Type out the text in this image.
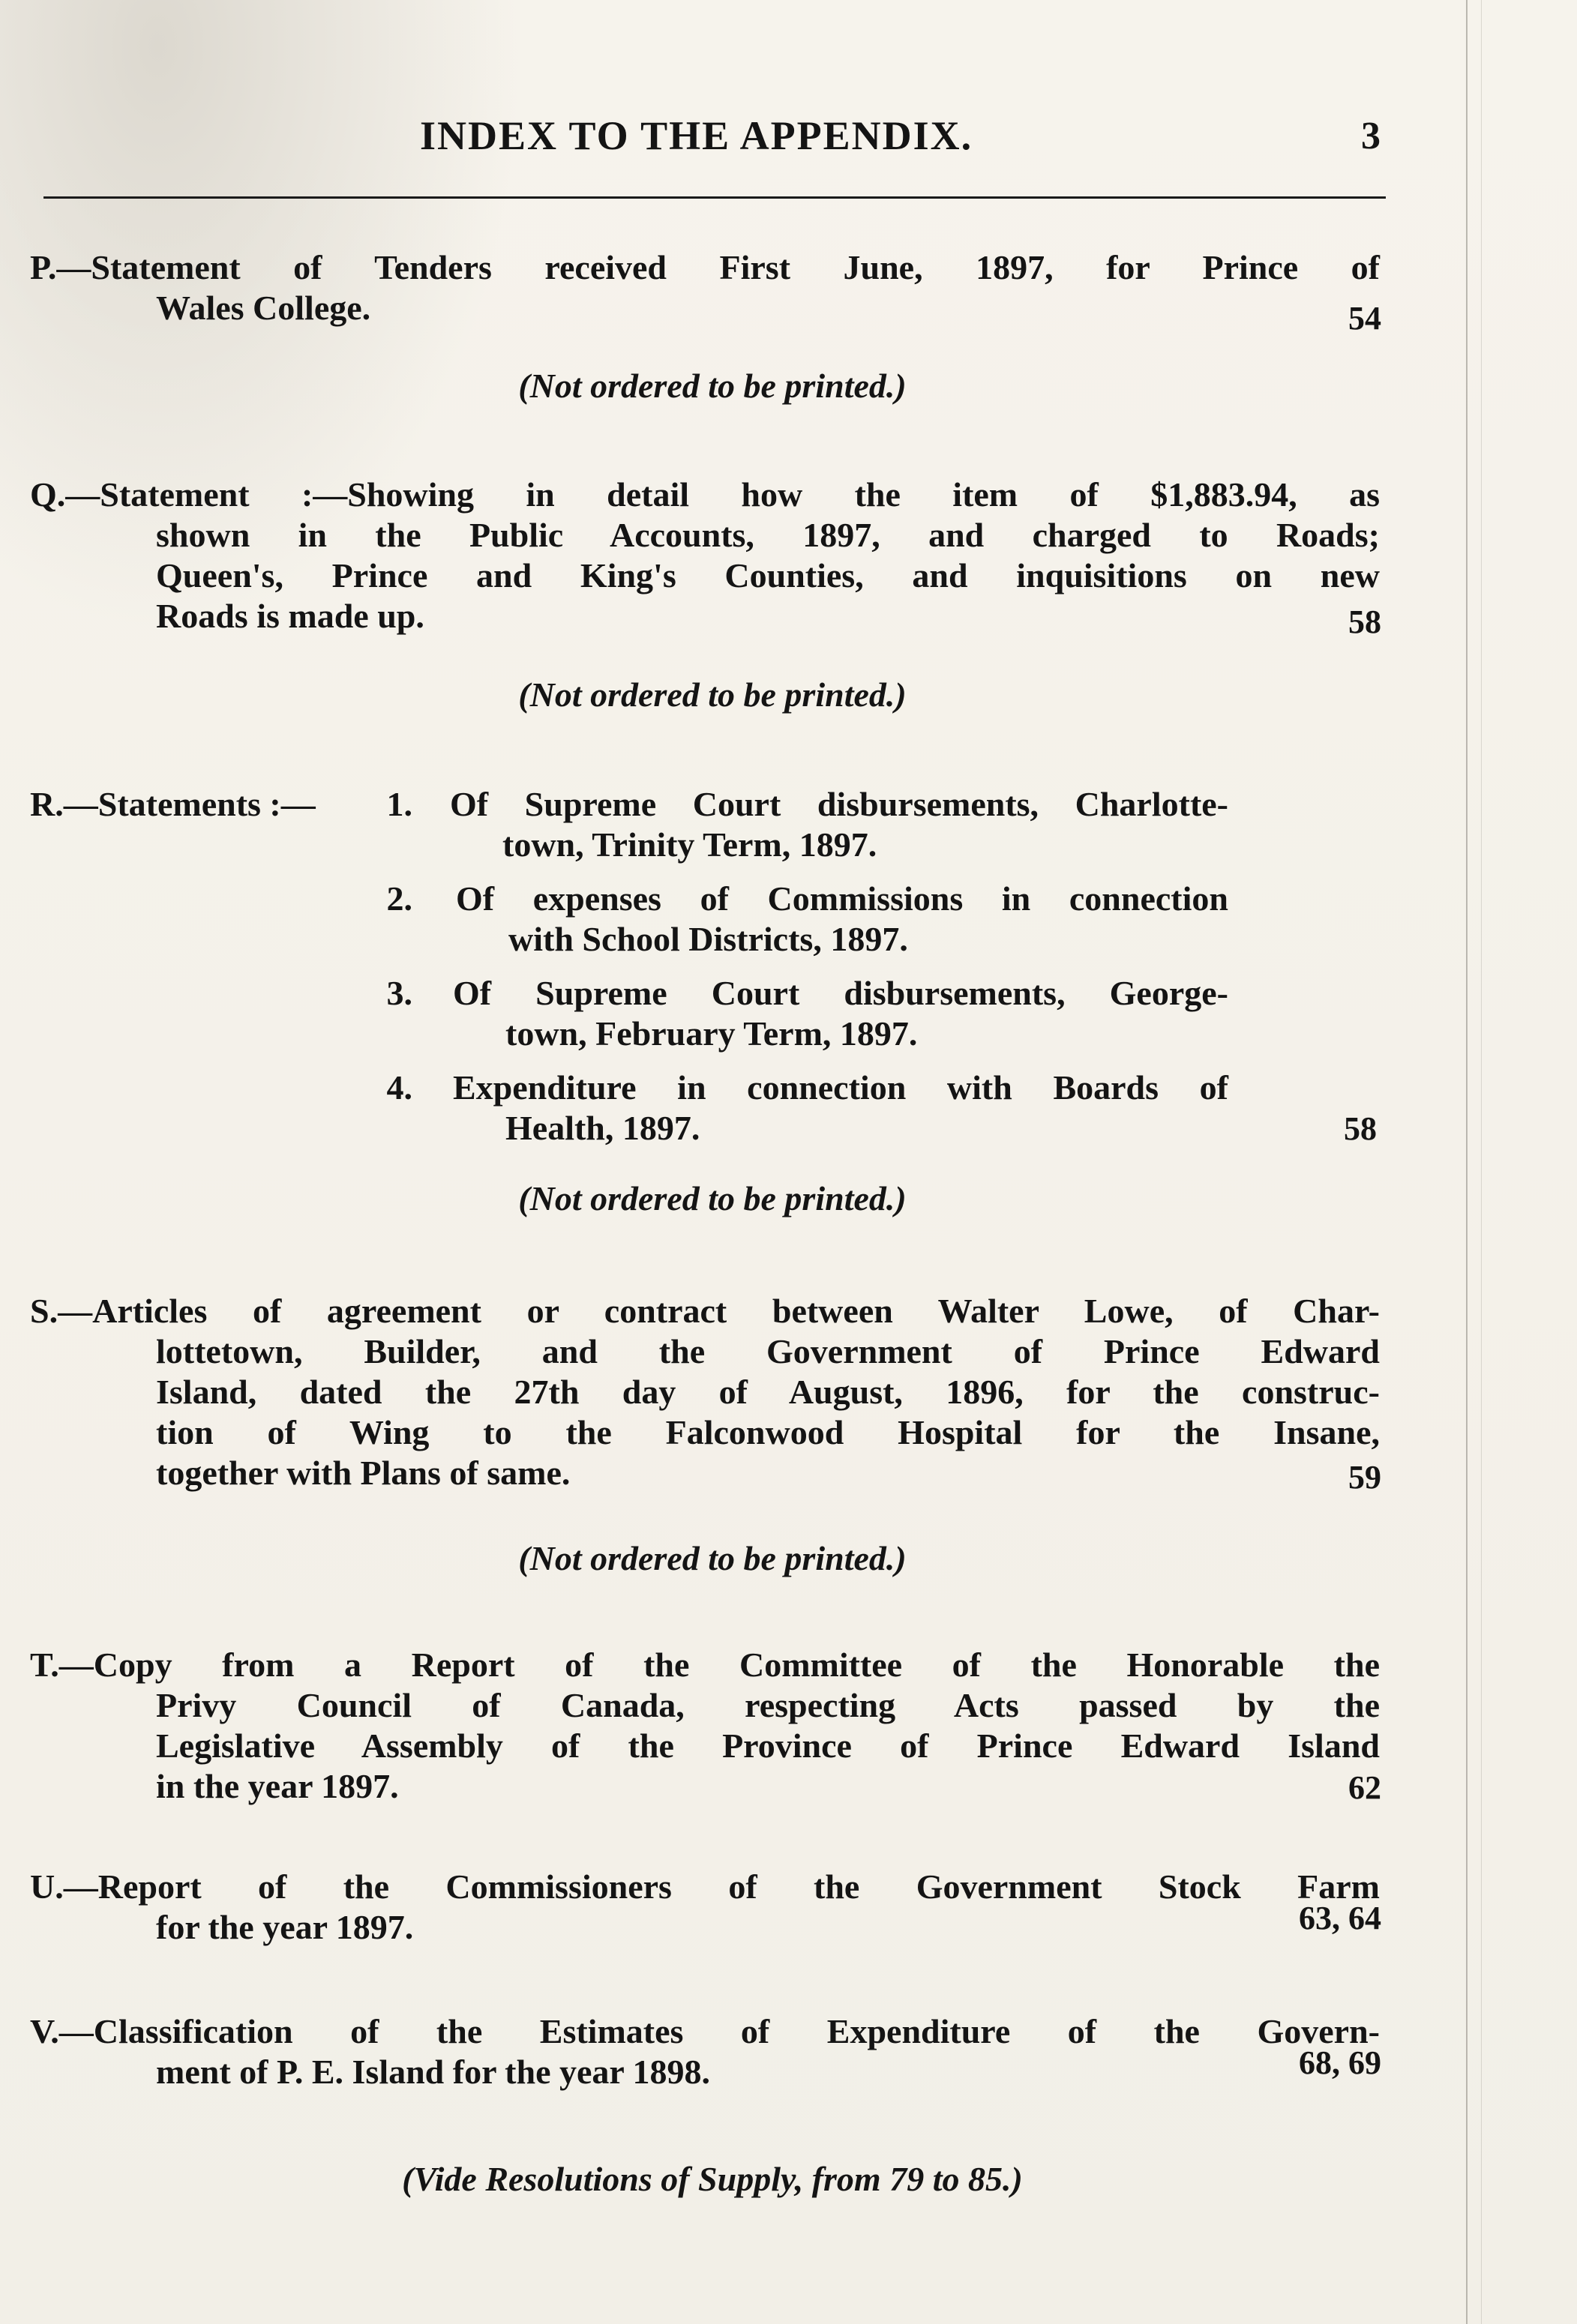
INDEX TO THE APPENDIX.	3
P.—Statement of Tenders received First June, 1897, for Prince of
Wales College.	54
(Not ordered to be printed.)
Q.—Statement :—Showing in detail how the item of $1,883.94, as
shown in the Public Accounts, 1897, and charged to Roads;
Queen's, Prince and King's Counties, and inquisitions on new
Roads is made up.	58
(Not ordered to be printed.)
R.—Statements :—	1. Of Supreme Court disbursements, Charlotte-
town, Trinity Term, 1897.
2. Of expenses of Commissions in connection
with School Districts, 1897.
3. Of Supreme Court disbursements, George-
town, February Term, 1897.
4. Expenditure in connection with Boards of
Health, 1897.	58
(Not ordered to be printed.)
S.—Articles of agreement or contract between Walter Lowe, of Char-
lottetown, Builder, and the Government of Prince Edward
Island, dated the 27th day of August, 1896, for the construc-
tion of Wing to the Falconwood Hospital for the Insane,
together with Plans of same.	59
(Not ordered to be printed.)
T.—Copy from a Report of the Committee of the Honorable the
Privy Council of Canada, respecting Acts passed by the
Legislative Assembly of the Province of Prince Edward Island
in the year 1897.	62
U.—Report of the Commissioners of the Government Stock Farm
for the year 1897.	63, 64
V.—Classification of the Estimates of Expenditure of the Govern-
ment of P. E. Island for the year 1898.	68, 69
(Vide Resolutions of Supply, from 79 to 85.)
